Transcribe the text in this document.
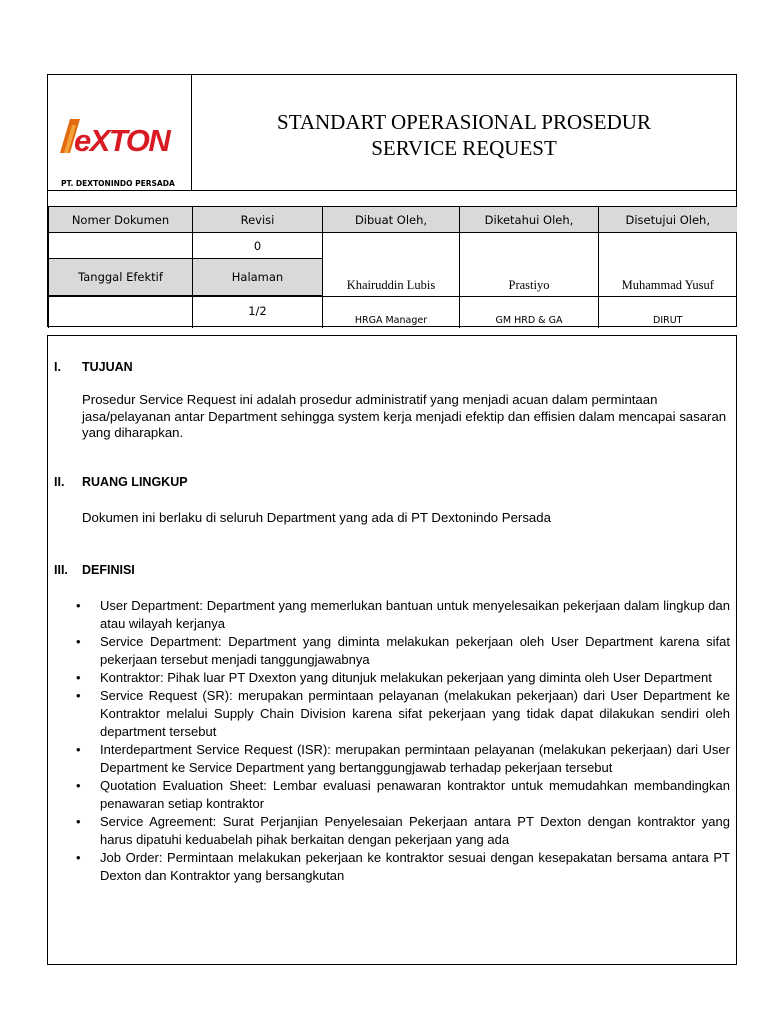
eXTON
PT. DEXTONINDO PERSADA
STANDART OPERASIONAL PROSEDUR
SERVICE REQUEST
Nomer Dokumen	Revisi	Dibuat Oleh,	Diketahui Oleh,	Disetujui Oleh,
	0	Khairuddin Lubis	Prastiyo	Muhammad Yusuf

Tanggal Efektif	Halaman			

	1/2	HRGA Manager	GM HRD & GA	DIRUT
I. TUJUAN
Prosedur Service Request ini adalah prosedur administratif yang menjadi acuan dalam permintaan jasa/pelayanan antar Department sehingga system kerja menjadi efektip dan effisien dalam mencapai sasaran yang diharapkan.
II. RUANG LINGKUP
Dokumen ini berlaku di seluruh Department yang ada di PT Dextonindo Persada
III. DEFINISI
• User Department: Department yang memerlukan bantuan untuk menyelesaikan pekerjaan dalam lingkup dan atau wilayah kerjanya
• Service Department: Department yang diminta melakukan pekerjaan oleh User Department karena sifat pekerjaan tersebut menjadi tanggungjawabnya
• Kontraktor: Pihak luar PT Dxexton yang ditunjuk melakukan pekerjaan yang diminta oleh User Department
• Service Request (SR): merupakan permintaan pelayanan (melakukan pekerjaan) dari User Department ke Kontraktor melalui Supply Chain Division karena sifat pekerjaan yang tidak dapat dilakukan sendiri oleh department tersebut
• Interdepartment Service Request (ISR): merupakan permintaan pelayanan (melakukan pekerjaan) dari User Department ke Service Department yang bertanggungjawab terhadap pekerjaan tersebut
• Quotation Evaluation Sheet: Lembar evaluasi penawaran kontraktor untuk memudahkan membandingkan penawaran setiap kontraktor
• Service Agreement: Surat Perjanjian Penyelesaian Pekerjaan antara PT Dexton dengan kontraktor yang harus dipatuhi keduabelah pihak berkaitan dengan pekerjaan yang ada
• Job Order: Permintaan melakukan pekerjaan ke kontraktor sesuai dengan kesepakatan bersama antara PT Dexton dan Kontraktor yang bersangkutan
